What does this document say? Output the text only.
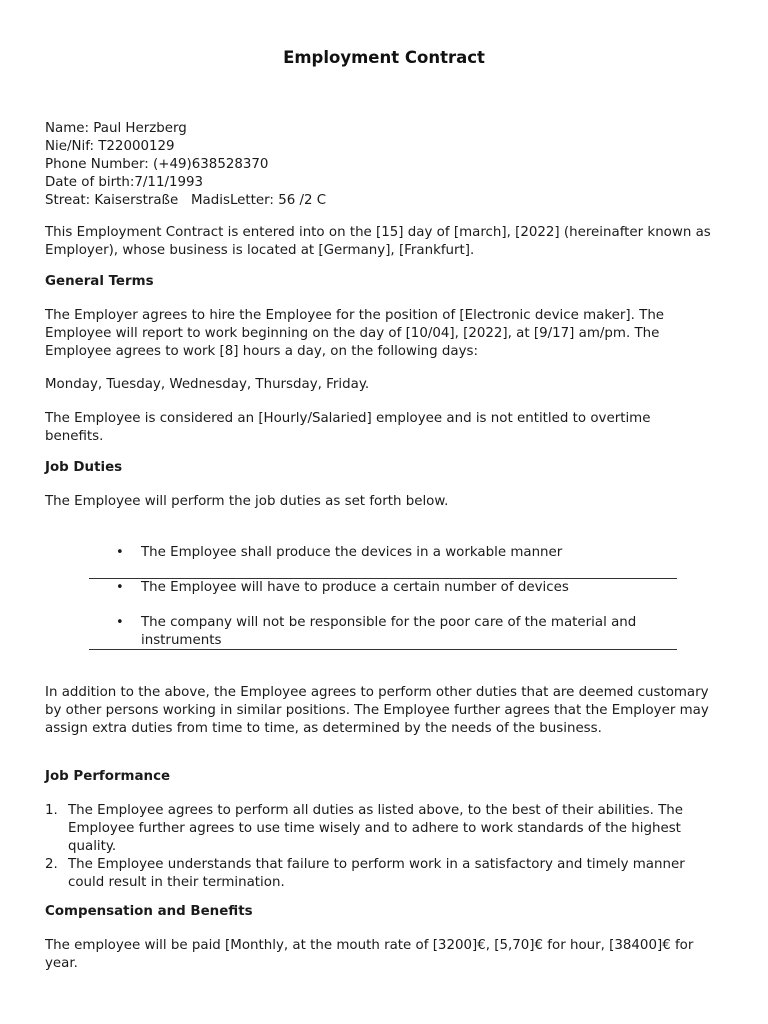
Employment Contract

Name: Paul Herzberg

Nie/Nif: T22000129

Phone Number: (+49)638528370

Date of birth:7/11/1993

Streat: Kaiserstraße   MadisLetter: 56 /2 C

This Employment Contract is entered into on the [15] day of [march], [2022] (hereinafter known as Employer), whose business is located at [Germany], [Frankfurt].

General Terms

The Employer agrees to hire the Employee for the position of [Electronic device maker]. The Employee will report to work beginning on the day of [10/04], [2022], at [9/17] am/pm. The Employee agrees to work [8] hours a day, on the following days:

Monday, Tuesday, Wednesday, Thursday, Friday.

The Employee is considered an [Hourly/Salaried] employee and is not entitled to overtime benefits.

Job Duties

The Employee will perform the job duties as set forth below.

• The Employee shall produce the devices in a workable manner
• The Employee will have to produce a certain number of devices
• The company will not be responsible for the poor care of the material and instruments

In addition to the above, the Employee agrees to perform other duties that are deemed customary by other persons working in similar positions. The Employee further agrees that the Employer may assign extra duties from time to time, as determined by the needs of the business.

Job Performance
1. The Employee agrees to perform all duties as listed above, to the best of their abilities. The Employee further agrees to use time wisely and to adhere to work standards of the highest quality.
2. The Employee understands that failure to perform work in a satisfactory and timely manner could result in their termination.
Compensation and Benefits

The employee will be paid [Monthly, at the mouth rate of [3200]€, [5,70]€ for hour, [38400]€ for year.
